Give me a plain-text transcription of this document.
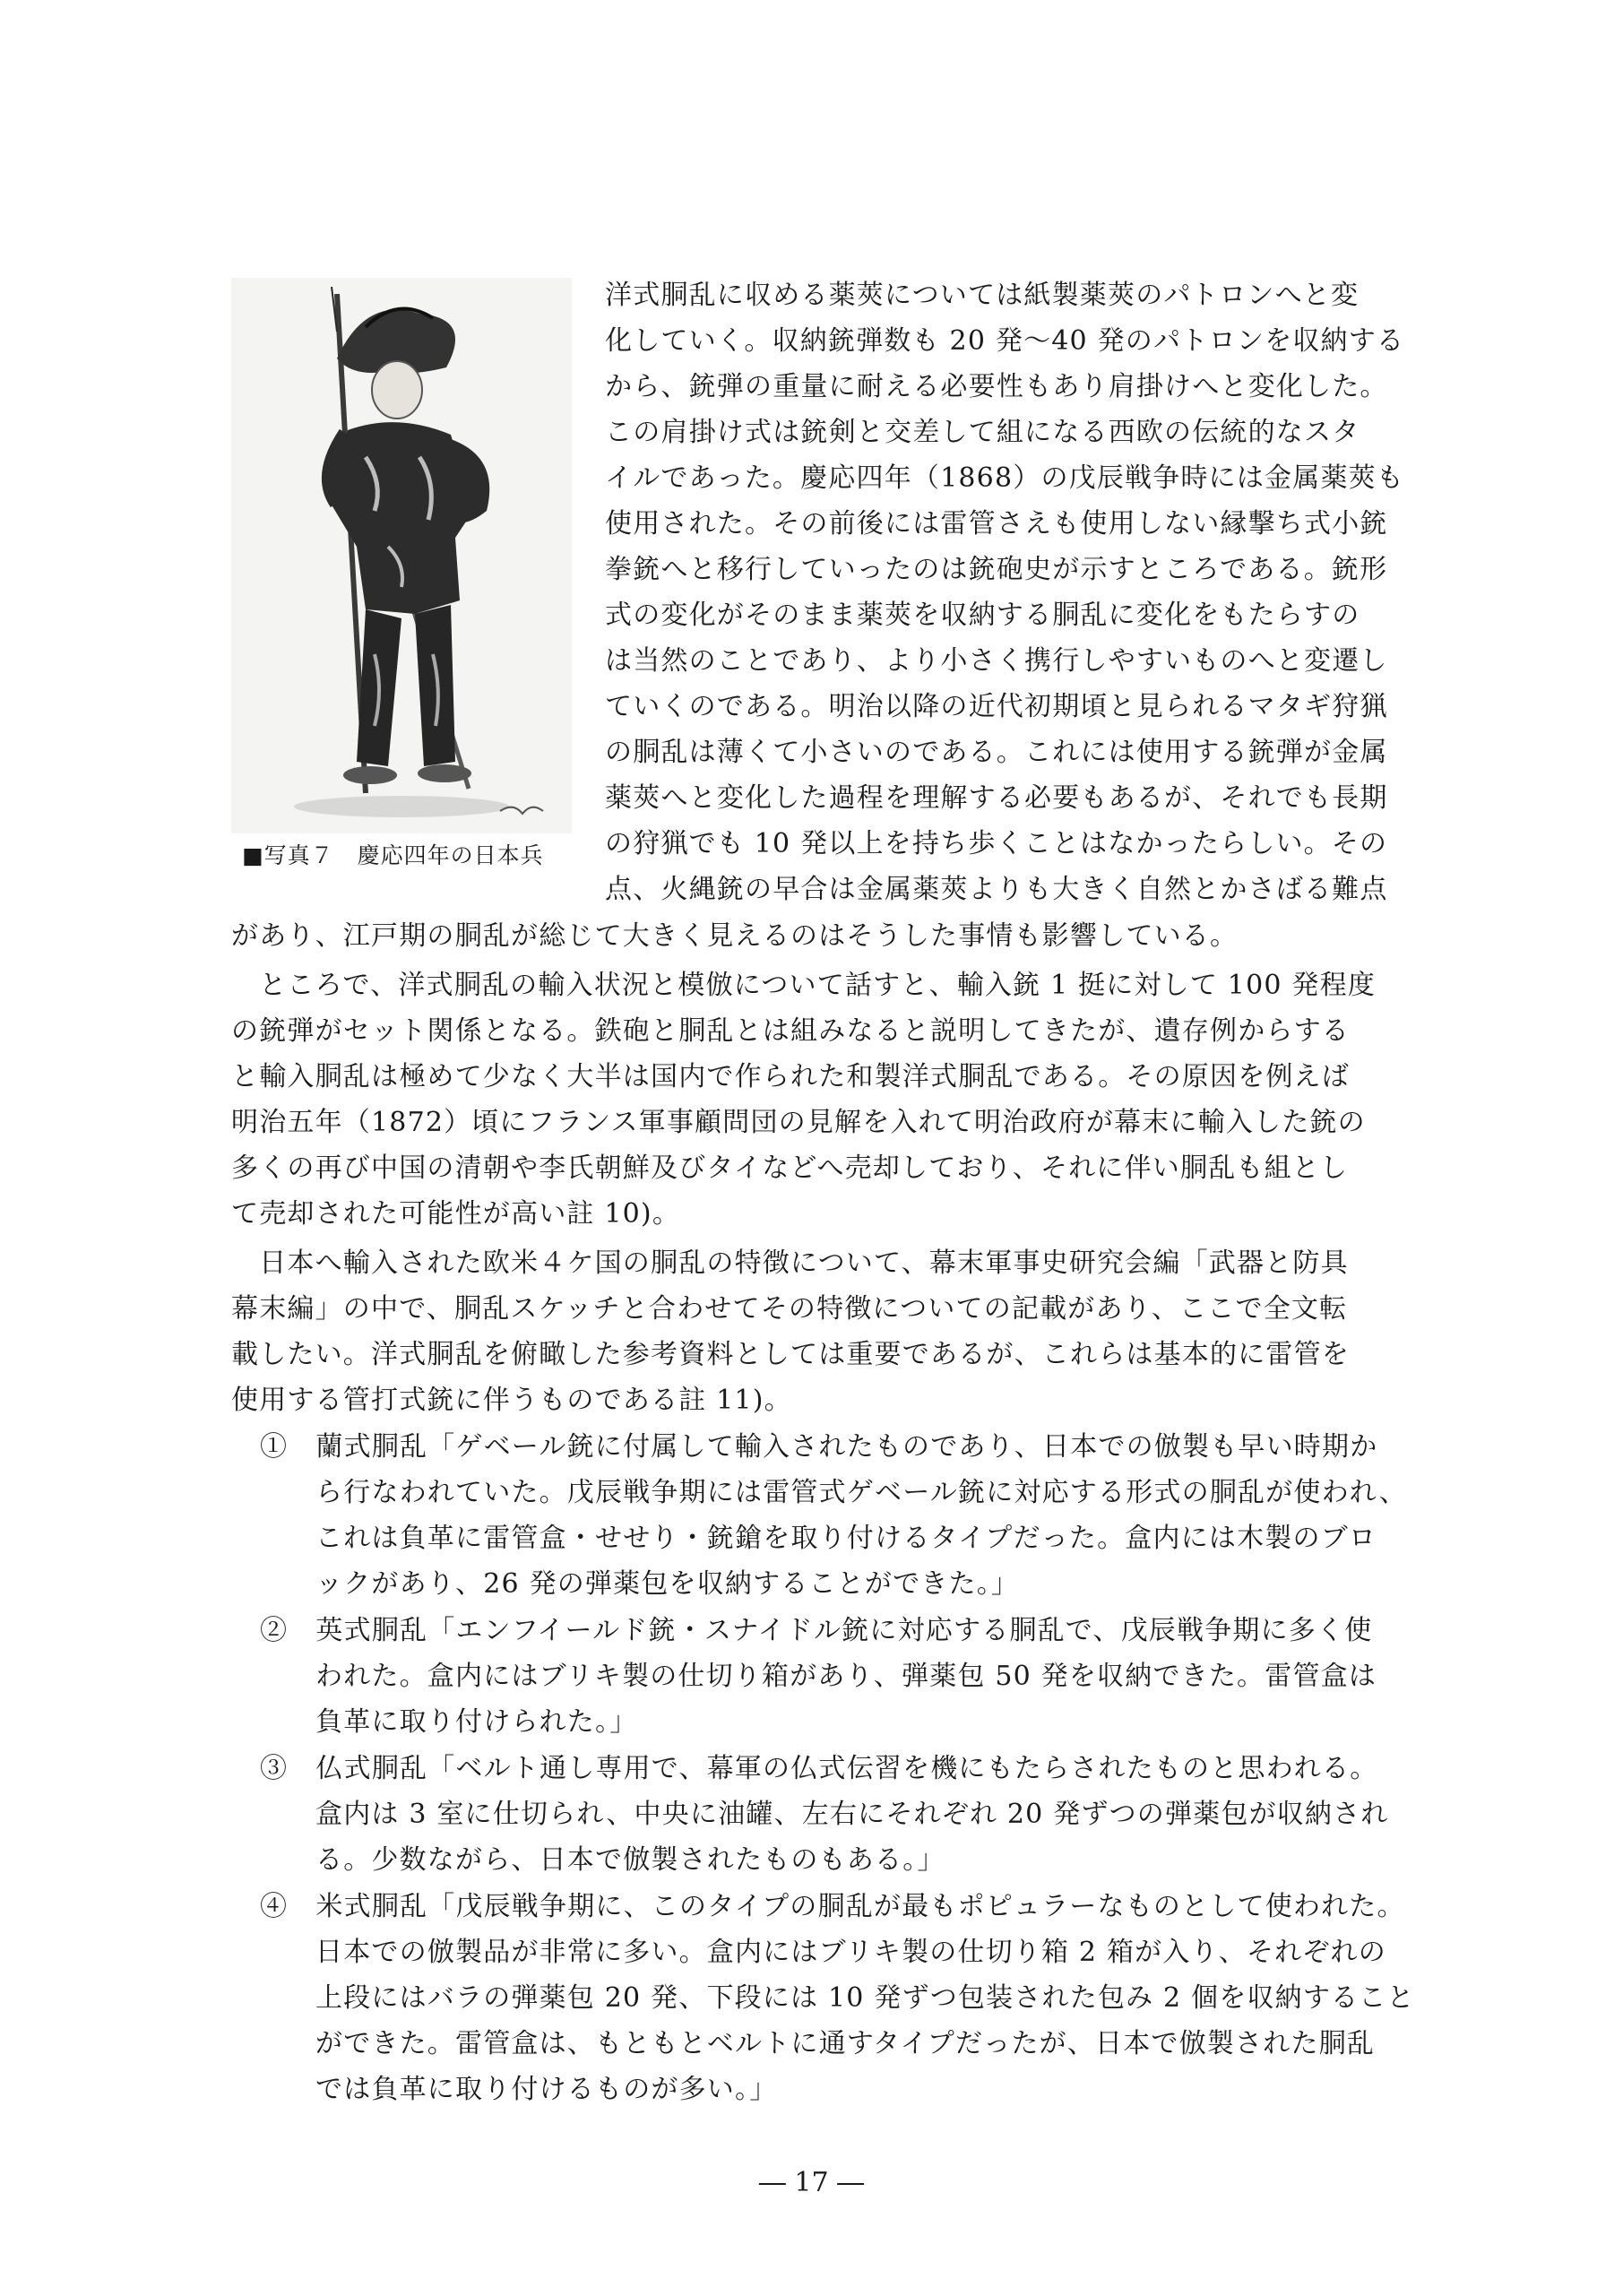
■写真７　慶応四年の日本兵
洋式胴乱に収める薬莢については紙製薬莢のパトロンへと変
化していく。収納銃弾数も 20 発～40 発のパトロンを収納する
から、銃弾の重量に耐える必要性もあり肩掛けへと変化した。
この肩掛け式は銃剣と交差して組になる西欧の伝統的なスタ
イルであった。慶応四年（1868）の戊辰戦争時には金属薬莢も
使用された。その前後には雷管さえも使用しない縁撃ち式小銃
拳銃へと移行していったのは銃砲史が示すところである。銃形
式の変化がそのまま薬莢を収納する胴乱に変化をもたらすの
は当然のことであり、より小さく携行しやすいものへと変遷し
ていくのである。明治以降の近代初期頃と見られるマタギ狩猟
の胴乱は薄くて小さいのである。これには使用する銃弾が金属
薬莢へと変化した過程を理解する必要もあるが、それでも長期
の狩猟でも 10 発以上を持ち歩くことはなかったらしい。その
点、火縄銃の早合は金属薬莢よりも大きく自然とかさばる難点
があり、江戸期の胴乱が総じて大きく見えるのはそうした事情も影響している。
　ところで、洋式胴乱の輸入状況と模倣について話すと、輸入銃 1 挺に対して 100 発程度
の銃弾がセット関係となる。鉄砲と胴乱とは組みなると説明してきたが、遺存例からする
と輸入胴乱は極めて少なく大半は国内で作られた和製洋式胴乱である。その原因を例えば
明治五年（1872）頃にフランス軍事顧問団の見解を入れて明治政府が幕末に輸入した銃の
多くの再び中国の清朝や李氏朝鮮及びタイなどへ売却しており、それに伴い胴乱も組とし
て売却された可能性が高い註 10)。
　日本へ輸入された欧米４ケ国の胴乱の特徴について、幕末軍事史研究会編「武器と防具
幕末編」の中で、胴乱スケッチと合わせてその特徴についての記載があり、ここで全文転
載したい。洋式胴乱を俯瞰した参考資料としては重要であるが、これらは基本的に雷管を
使用する管打式銃に伴うものである註 11)。
①　蘭式胴乱「ゲベール銃に付属して輸入されたものであり、日本での倣製も早い時期か
ら行なわれていた。戊辰戦争期には雷管式ゲベール銃に対応する形式の胴乱が使われ、
これは負革に雷管盒・せせり・銃鎗を取り付けるタイプだった。盒内には木製のブロ
ックがあり、26 発の弾薬包を収納することができた。」
②　英式胴乱「エンフイールド銃・スナイドル銃に対応する胴乱で、戊辰戦争期に多く使
われた。盒内にはブリキ製の仕切り箱があり、弾薬包 50 発を収納できた。雷管盒は
負革に取り付けられた。」
③　仏式胴乱「ベルト通し専用で、幕軍の仏式伝習を機にもたらされたものと思われる。
盒内は 3 室に仕切られ、中央に油罐、左右にそれぞれ 20 発ずつの弾薬包が収納され
る。少数ながら、日本で倣製されたものもある。」
④　米式胴乱「戊辰戦争期に、このタイプの胴乱が最もポピュラーなものとして使われた。
日本での倣製品が非常に多い。盒内にはブリキ製の仕切り箱 2 箱が入り、それぞれの
上段にはバラの弾薬包 20 発、下段には 10 発ずつ包装された包み 2 個を収納すること
ができた。雷管盒は、もともとベルトに通すタイプだったが、日本で倣製された胴乱
では負革に取り付けるものが多い。」
― 17 ―
